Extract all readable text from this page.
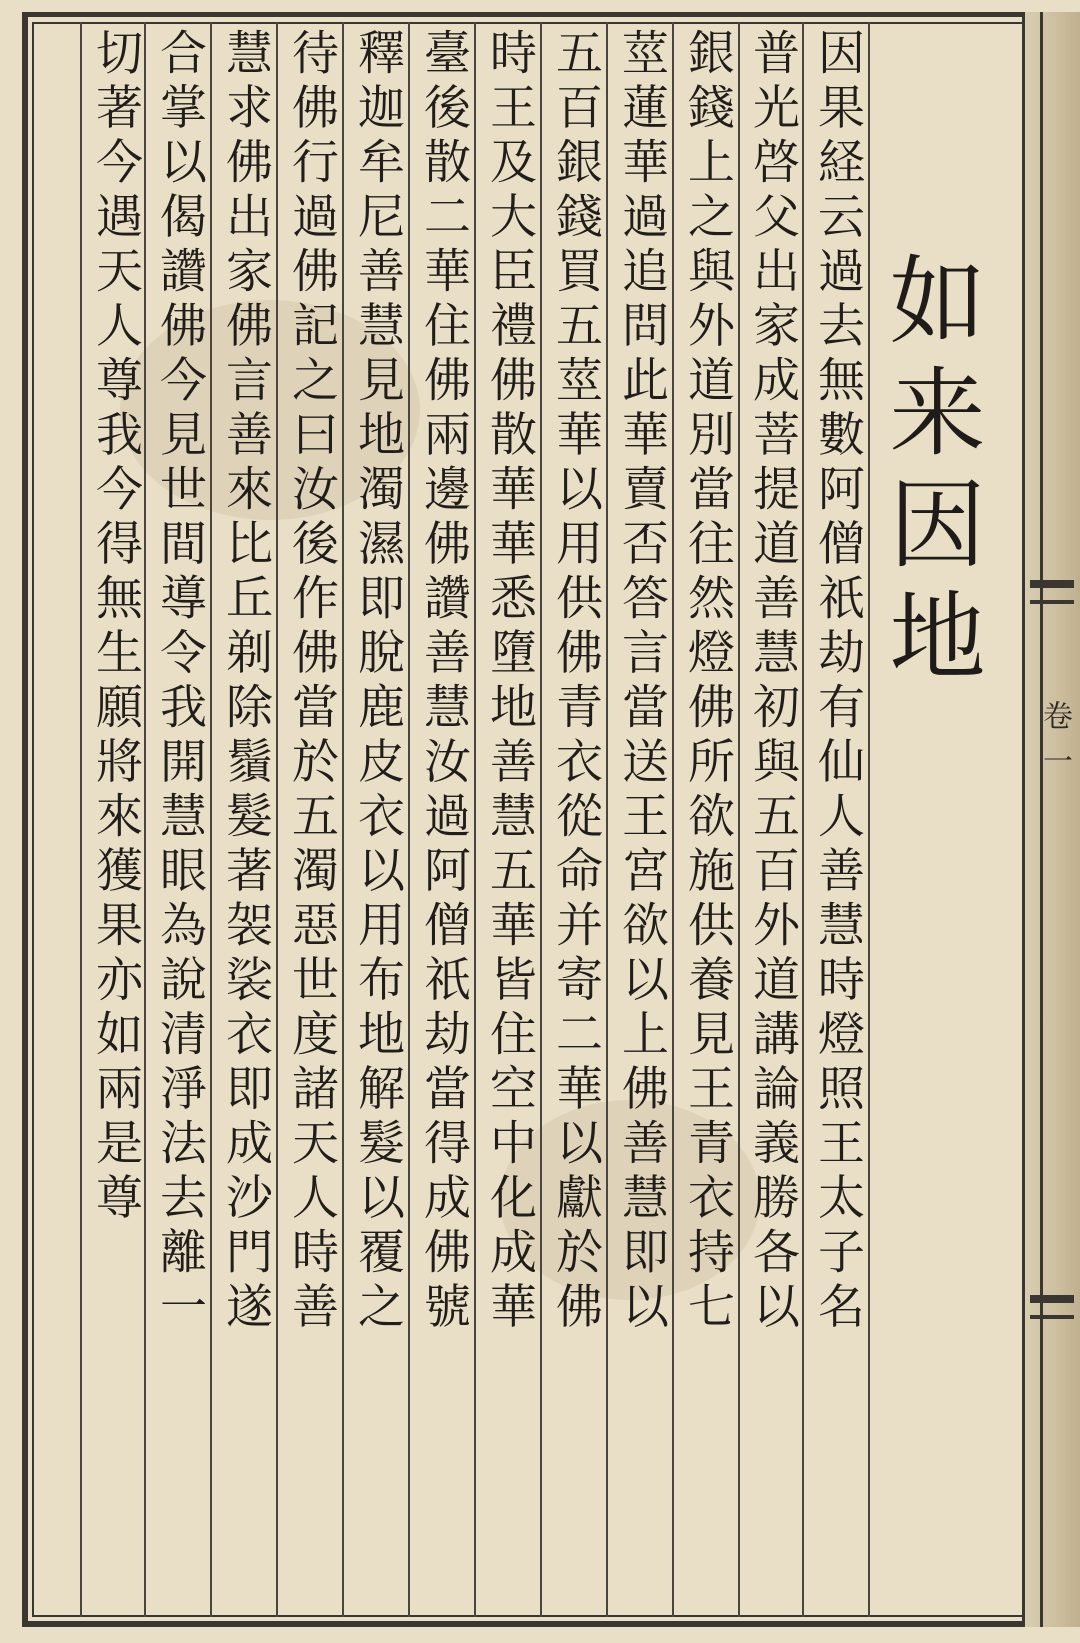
卷
一
如来因地
因果経云過去無數阿僧祇劫有仙人善慧時燈照王太子名
普光啓父出家成菩提道善慧初與五百外道講論義勝各以
銀錢上之與外道別當往然燈佛所欲施供養見王青衣持七
莖蓮華過追問此華賣否答言當送王宮欲以上佛善慧即以
五百銀錢買五莖華以用供佛青衣從命并寄二華以獻於佛
時王及大臣禮佛散華華悉墮地善慧五華皆住空中化成華
臺後散二華住佛兩邊佛讚善慧汝過阿僧祇劫當得成佛號
釋迦牟尼善慧見地濁濕即脫鹿皮衣以用布地解髮以覆之
待佛行過佛記之曰汝後作佛當於五濁惡世度諸天人時善
慧求佛出家佛言善來比丘剃除鬚髮著袈裟衣即成沙門遂
合掌以偈讚佛今見世間導令我開慧眼為說清淨法去離一
切著今遇天人尊我今得無生願將來獲果亦如兩是尊
